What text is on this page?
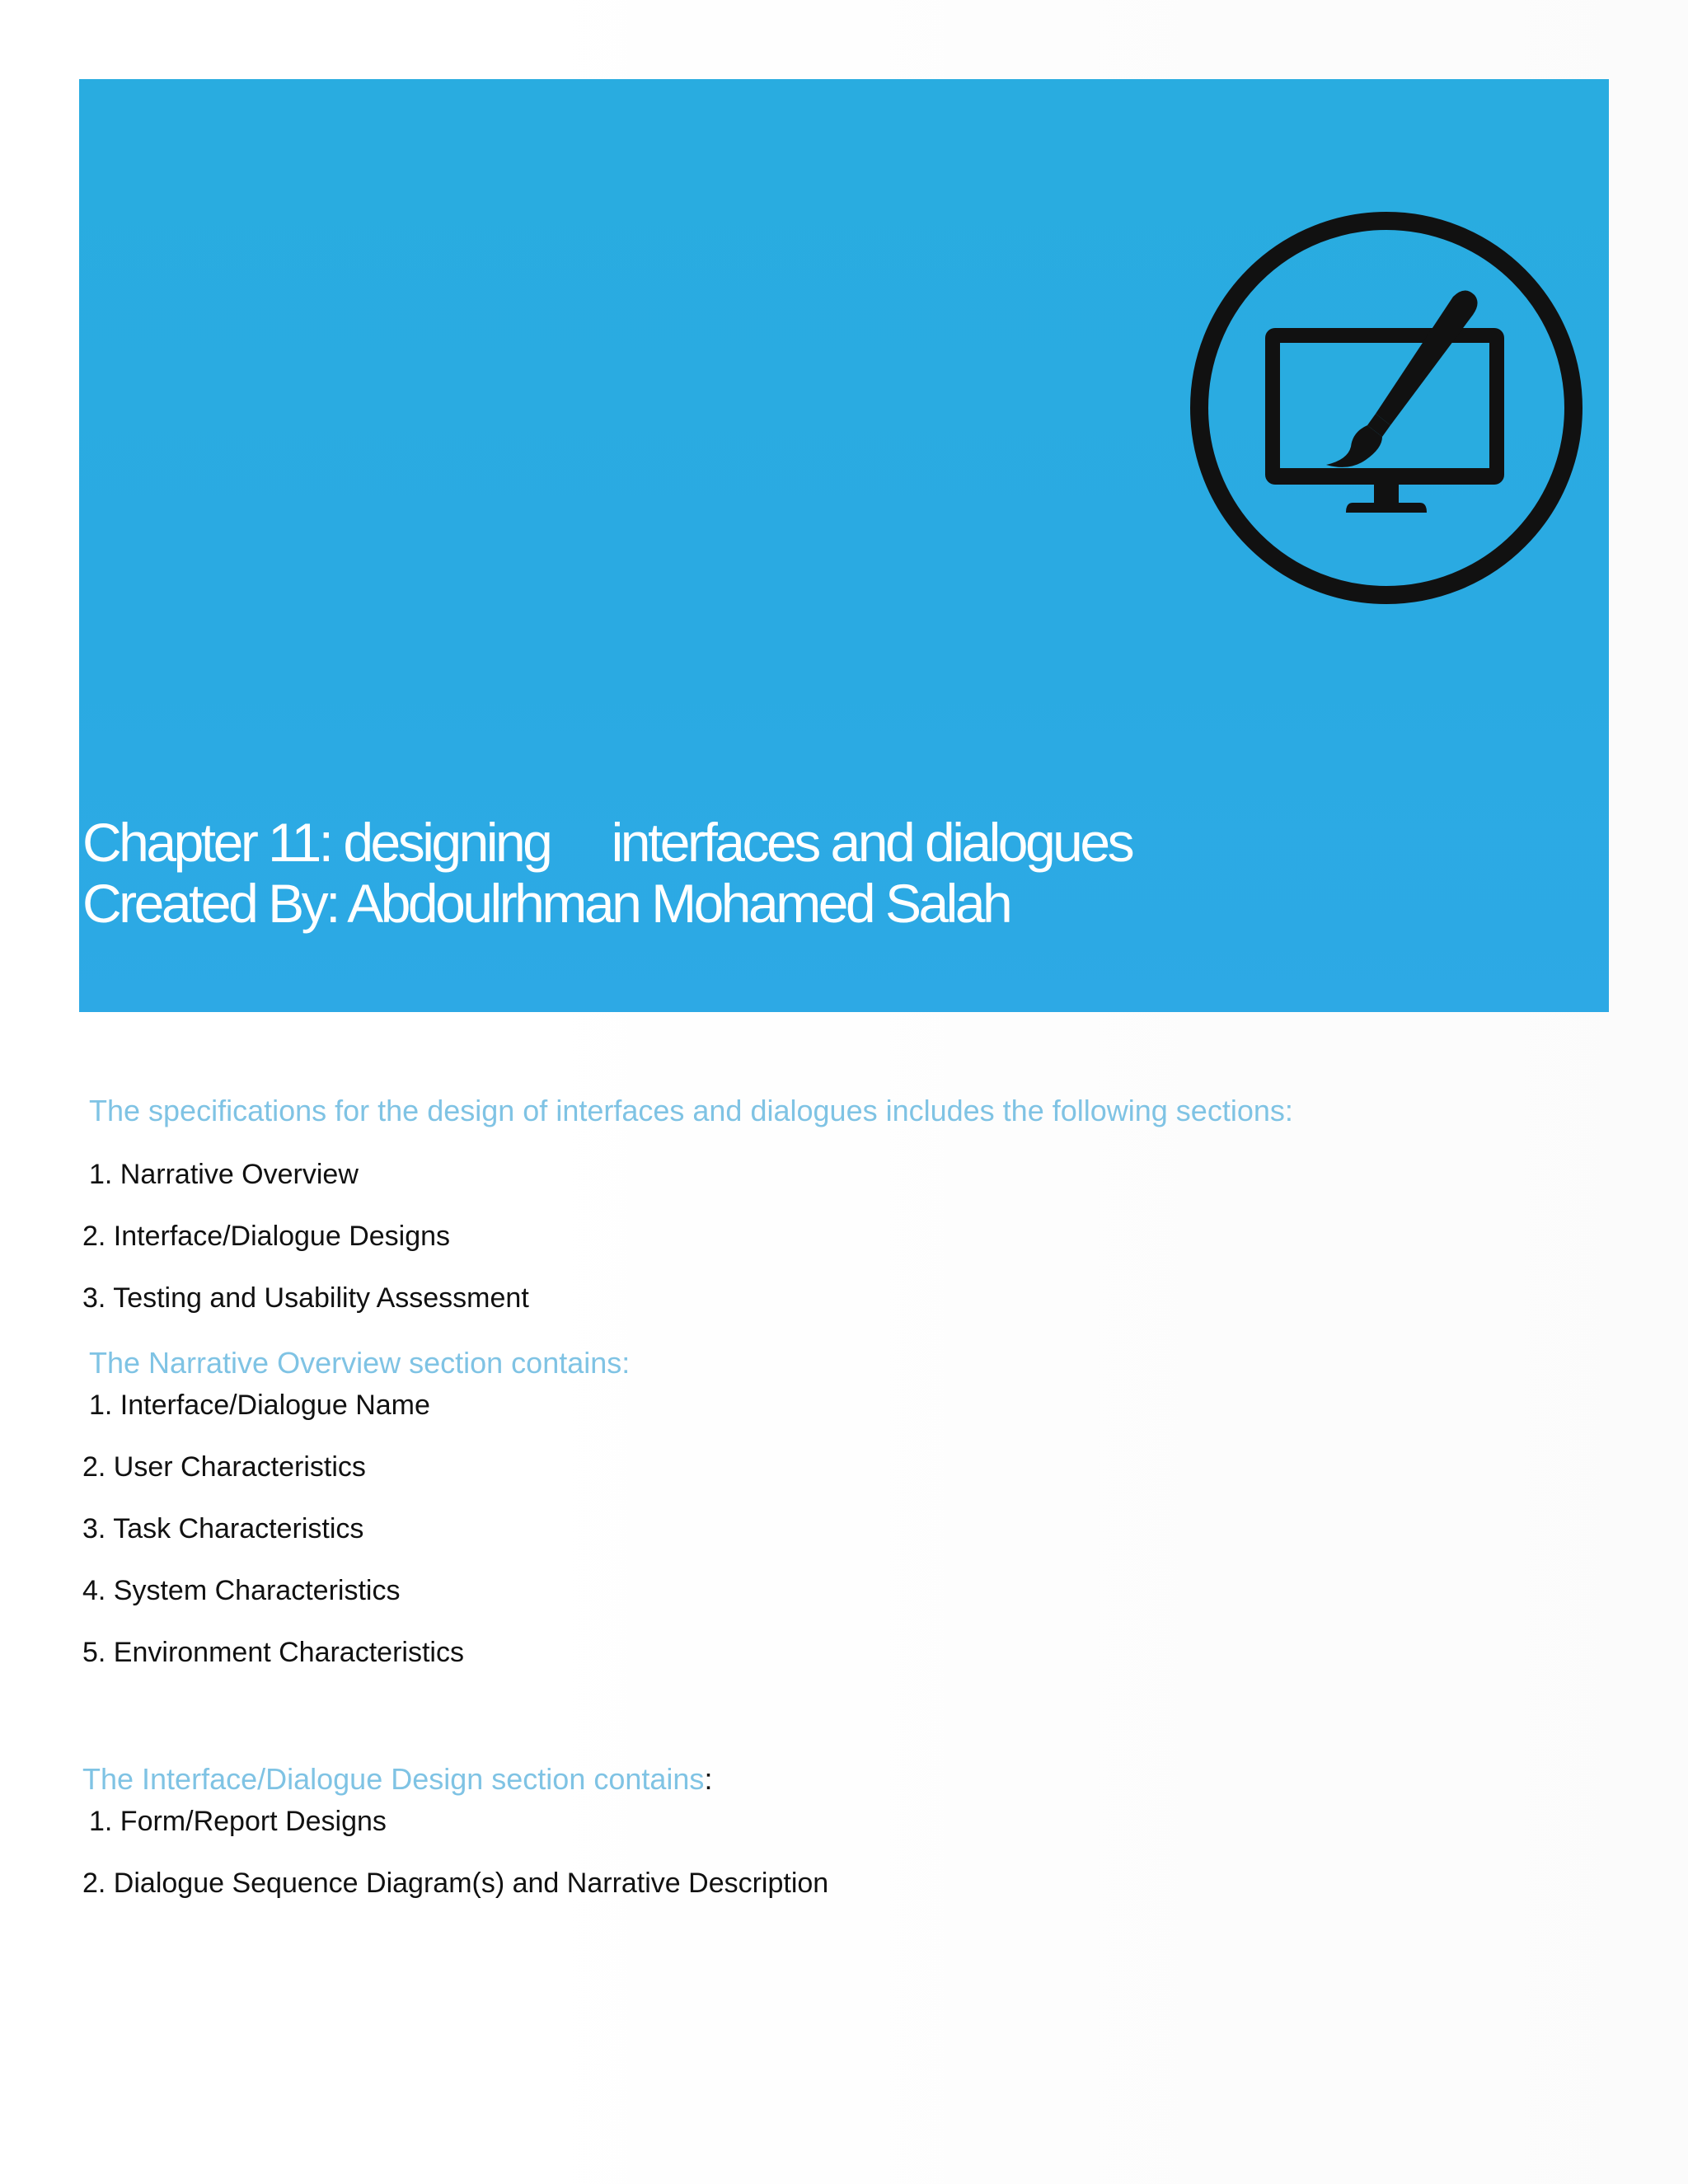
Chapter 11: designing     interfaces and dialogues
Created By: Abdoulrhman Mohamed Salah
The specifications for the design of interfaces and dialogues includes the following sections:
1. Narrative Overview
2. Interface/Dialogue Designs
3. Testing and Usability Assessment
The Narrative Overview section contains:
1. Interface/Dialogue Name
2. User Characteristics
3. Task Characteristics
4. System Characteristics
5. Environment Characteristics
The Interface/Dialogue Design section contains:
1. Form/Report Designs
2. Dialogue Sequence Diagram(s) and Narrative Description
